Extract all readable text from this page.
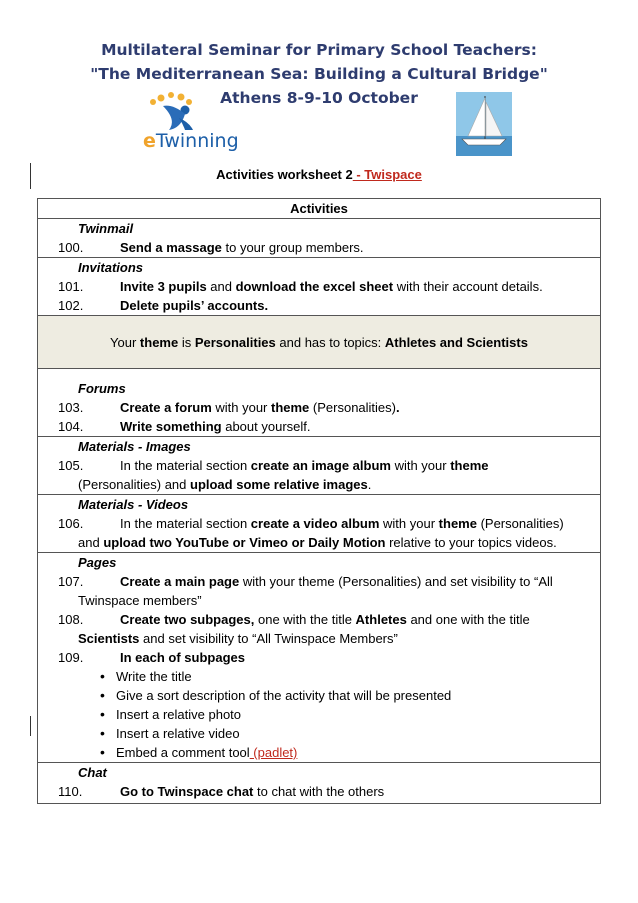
Multilateral Seminar for Primary School Teachers:
"The Mediterranean Sea: Building a Cultural Bridge"
Athens 8-9-10 October
eTwinning
Activities worksheet 2 - Twispace
Activities
Twinmail
100.	Send a massage to your group members.
Invitations
101.	Invite 3 pupils and download the excel sheet with their account details.
102.	Delete pupils’ accounts.
Your theme is Personalities and has to topics: Athletes and Scientists
Forums
103.	Create a forum with your theme (Personalities).
104.	Write something about yourself.
Materials - Images
105.	In the material section create an image album with your theme
(Personalities) and upload some relative images.
Materials - Videos
106.	In the material section create a video album with your theme (Personalities)
and upload two YouTube or Vimeo or Daily Motion relative to your topics videos.
Pages
107.	Create a main page with your theme (Personalities) and set visibility to “All
Twinspace members”
108.	Create two subpages, one with the title Athletes and one with the title
Scientists and set visibility to “All Twinspace Members”
109.	In each of subpages
• Write the title
• Give a sort description of the activity that will be presented
• Insert a relative photo
• Insert a relative video
• Embed a comment tool (padlet)
Chat
110.	Go to Twinspace chat to chat with the others
